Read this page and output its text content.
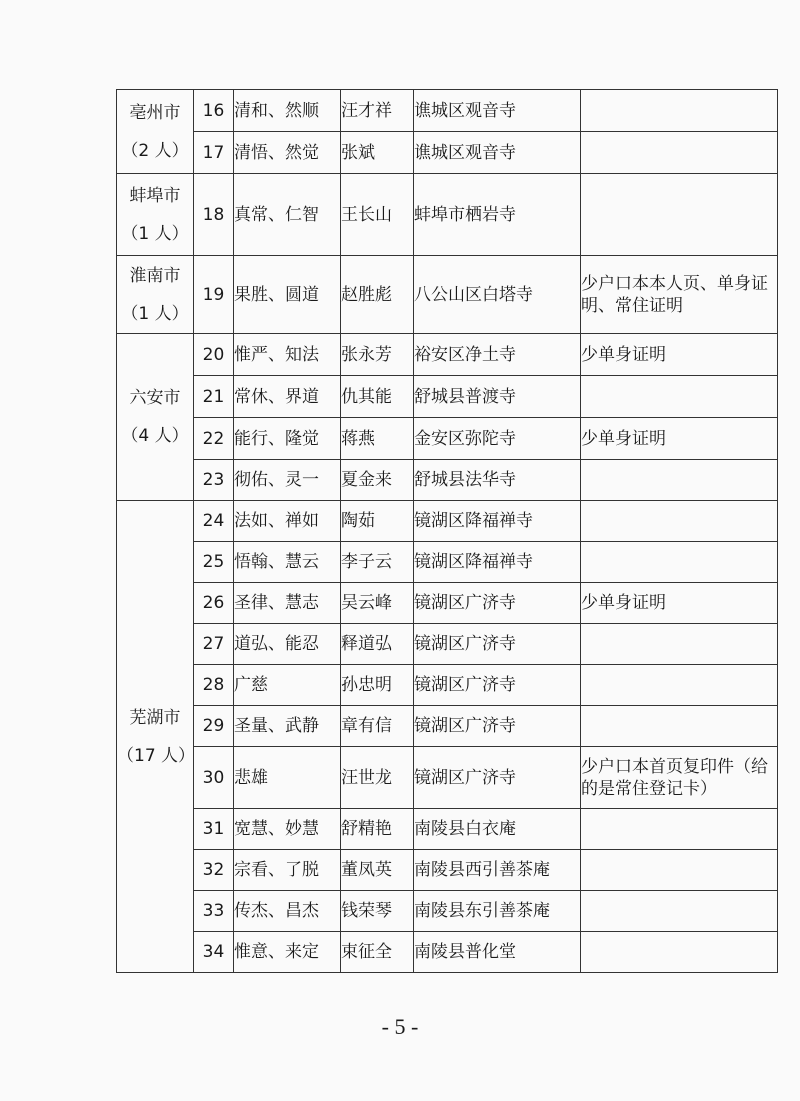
亳州市
（2 人）	16	清和、然顺	汪才祥	谯城区观音寺	
	17	清悟、然觉	张斌	谯城区观音寺	

蚌埠市
（1 人）	18	真常、仁智	王长山	蚌埠市栖岩寺	

淮南市
（1 人）	19	果胜、圆道	赵胜彪	八公山区白塔寺	少户口本本人页、单身证明、常住证明

六安市
（4 人）	20	惟严、知法	张永芳	裕安区净土寺	少单身证明
	21	常休、界道	仇其能	舒城县普渡寺	
	22	能行、隆觉	蒋燕	金安区弥陀寺	少单身证明
	23	彻佑、灵一	夏金来	舒城县法华寺	

芜湖市
（17 人）	24	法如、禅如	陶茹	镜湖区降福禅寺	
	25	悟翰、慧云	李子云	镜湖区降福禅寺	
	26	圣律、慧志	吴云峰	镜湖区广济寺	少单身证明
	27	道弘、能忍	释道弘	镜湖区广济寺	
	28	广慈	孙忠明	镜湖区广济寺	
	29	圣量、武静	章有信	镜湖区广济寺	
	30	悲雄	汪世龙	镜湖区广济寺	少户口本首页复印件（给的是常住登记卡）
	31	宽慧、妙慧	舒精艳	南陵县白衣庵	
	32	宗看、了脱	董凤英	南陵县西引善茶庵	
	33	传杰、昌杰	钱荣琴	南陵县东引善茶庵	
	34	惟意、来定	束征全	南陵县普化堂	
- 5 -
